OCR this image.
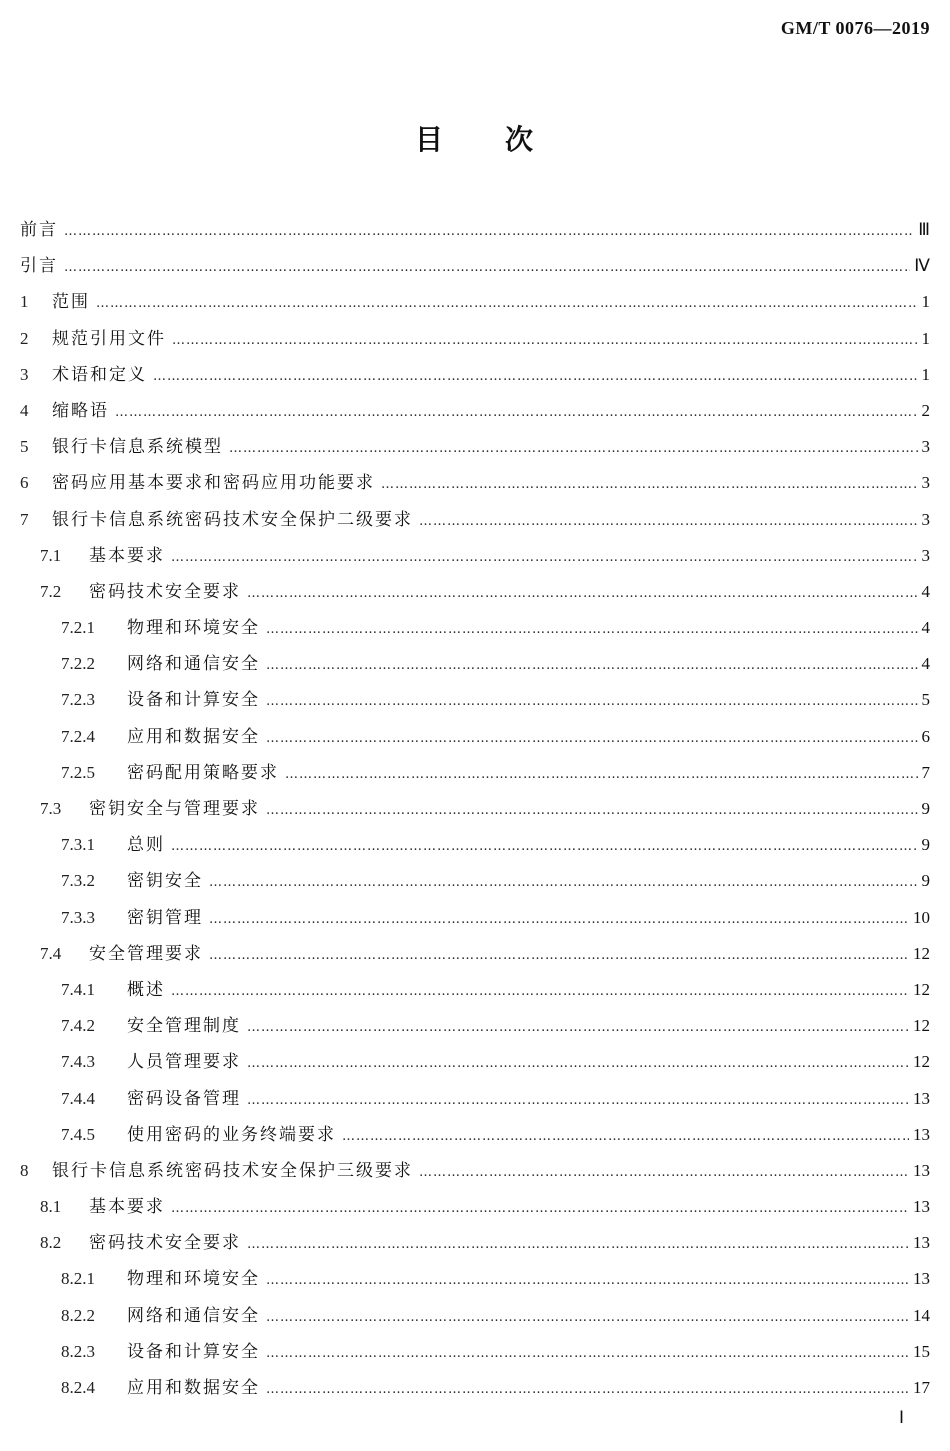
GM/T 0076—2019
目 次
前言 …………………………………………………………………………………………………………………………………………………………………………………………………………………………………………………	Ⅲ
引言 …………………………………………………………………………………………………………………………………………………………………………………………………………………………………………………	Ⅳ
1	范围 …………………………………………………………………………………………………………………………………………………………………………………………………………………………………………………	1
2	规范引用文件 …………………………………………………………………………………………………………………………………………………………………………………………………………………………………………………	1
3	术语和定义 …………………………………………………………………………………………………………………………………………………………………………………………………………………………………………………	1
4	缩略语 …………………………………………………………………………………………………………………………………………………………………………………………………………………………………………………	2
5	银行卡信息系统模型 …………………………………………………………………………………………………………………………………………………………………………………………………………………………………………………	3
6	密码应用基本要求和密码应用功能要求 …………………………………………………………………………………………………………………………………………………………………………………………………………………………………………………	3
7	银行卡信息系统密码技术安全保护二级要求 …………………………………………………………………………………………………………………………………………………………………………………………………………………………………………………	3
7.1	基本要求 …………………………………………………………………………………………………………………………………………………………………………………………………………………………………………………	3
7.2	密码技术安全要求 …………………………………………………………………………………………………………………………………………………………………………………………………………………………………………………	4
7.2.1	物理和环境安全 …………………………………………………………………………………………………………………………………………………………………………………………………………………………………………………	4
7.2.2	网络和通信安全 …………………………………………………………………………………………………………………………………………………………………………………………………………………………………………………	4
7.2.3	设备和计算安全 …………………………………………………………………………………………………………………………………………………………………………………………………………………………………………………	5
7.2.4	应用和数据安全 …………………………………………………………………………………………………………………………………………………………………………………………………………………………………………………	6
7.2.5	密码配用策略要求 …………………………………………………………………………………………………………………………………………………………………………………………………………………………………………………	7
7.3	密钥安全与管理要求 …………………………………………………………………………………………………………………………………………………………………………………………………………………………………………………	9
7.3.1	总则 …………………………………………………………………………………………………………………………………………………………………………………………………………………………………………………	9
7.3.2	密钥安全 …………………………………………………………………………………………………………………………………………………………………………………………………………………………………………………	9
7.3.3	密钥管理 …………………………………………………………………………………………………………………………………………………………………………………………………………………………………………………	10
7.4	安全管理要求 …………………………………………………………………………………………………………………………………………………………………………………………………………………………………………………	12
7.4.1	概述 …………………………………………………………………………………………………………………………………………………………………………………………………………………………………………………	12
7.4.2	安全管理制度 …………………………………………………………………………………………………………………………………………………………………………………………………………………………………………………	12
7.4.3	人员管理要求 …………………………………………………………………………………………………………………………………………………………………………………………………………………………………………………	12
7.4.4	密码设备管理 …………………………………………………………………………………………………………………………………………………………………………………………………………………………………………………	13
7.4.5	使用密码的业务终端要求 …………………………………………………………………………………………………………………………………………………………………………………………………………………………………………………	13
8	银行卡信息系统密码技术安全保护三级要求 …………………………………………………………………………………………………………………………………………………………………………………………………………………………………………………	13
8.1	基本要求 …………………………………………………………………………………………………………………………………………………………………………………………………………………………………………………	13
8.2	密码技术安全要求 …………………………………………………………………………………………………………………………………………………………………………………………………………………………………………………	13
8.2.1	物理和环境安全 …………………………………………………………………………………………………………………………………………………………………………………………………………………………………………………	13
8.2.2	网络和通信安全 …………………………………………………………………………………………………………………………………………………………………………………………………………………………………………………	14
8.2.3	设备和计算安全 …………………………………………………………………………………………………………………………………………………………………………………………………………………………………………………	15
8.2.4	应用和数据安全 …………………………………………………………………………………………………………………………………………………………………………………………………………………………………………………	17
Ⅰ
